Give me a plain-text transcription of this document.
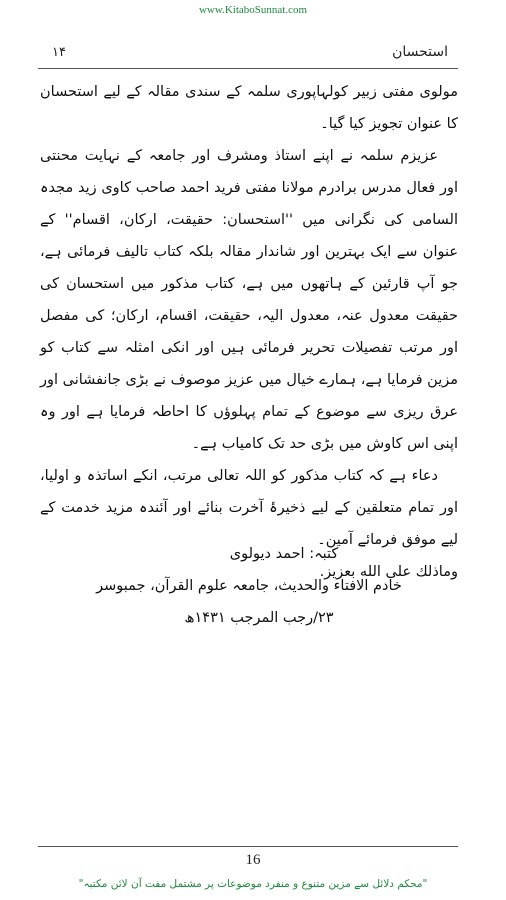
www.KitaboSunnat.com
استحسان
۱۴

مولوی مفتی زبیر کولہاپوری سلمہ کے سندی مقالہ کے لیے استحسان کا عنوان تجویز کیا گیا۔

عزیزم سلمہ نے اپنے استاذ ومشرف اور جامعہ کے نہایت محنتی اور فعال مدرس برادرم مولانا مفتی فرید احمد صاحب کاوی زید مجدہ السامی کی نگرانی میں ''استحسان: حقیقت، ارکان، اقسام'' کے عنوان سے ایک بہترین اور شاندار مقالہ بلکہ کتاب تالیف فرمائی ہے، جو آپ قارئین کے ہاتھوں میں ہے، کتاب مذکور میں استحسان کی حقیقت معدول عنہ، معدول الیہ، حقیقت، اقسام، ارکان؛ کی مفصل اور مرتب تفصیلات تحریر فرمائی ہیں اور انکی امثلہ سے کتاب کو مزین فرمایا ہے، ہمارے خیال میں عزیز موصوف نے بڑی جانفشانی اور عرق ریزی سے موضوع کے تمام پہلوؤں کا احاطہ فرمایا ہے اور وہ اپنی اس کاوش میں بڑی حد تک کامیاب ہے۔

دعاء ہے کہ کتاب مذکور کو اللہ تعالی مرتب، انکے اساتذہ و اولیا، اور تمام متعلقین کے لیے ذخیرۂ آخرت بنائے اور آئندہ مزید خدمت کے لیے موفق فرمائے آمین۔

وماذلك على الله بعزيز.

کتبہ: احمد دیولوی
خادم الافتاء والحدیث، جامعہ علوم القرآن، جمبوسر
۲۳/رجب المرجب ۱۴۳۱ھ
16
"محکم دلائل سے مزین متنوع و منفرد موضوعات پر مشتمل مفت آن لائن مکتبہ"
